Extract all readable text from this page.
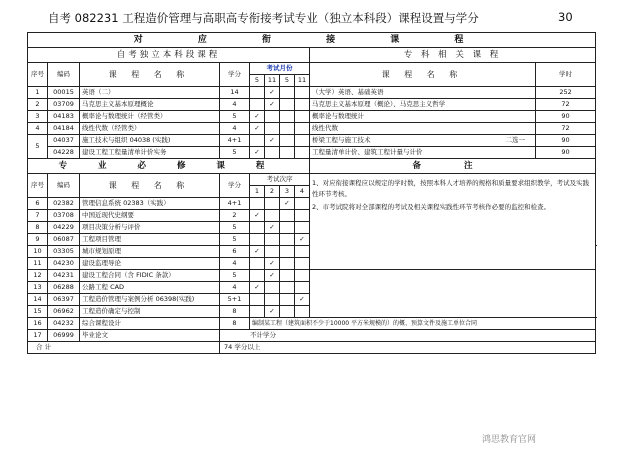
自考 082231 工程造价管理与高职高专衔接考试专业（独立本科段）课程设置与学分	30
对 应 衔 接 课 程										
自考独立本科段课程								专 科 相 关 课 程		
序号	编码	课 程 名 称	学分	考试月份				课 程 名 称	学时	
				5	11	5	11			
1	00015	英语（二）	14		✓			（大学）英语、基础英语	252	
2	03709	马克思主义基本原理概论	4		✓			马克思主义基本原理（概论）、马克思主义哲学	72	
3	04183	概率论与数理统计（经管类）	5	✓				概率论与数理统计	90	
4	04184	线性代数（经管类）	4	✓				线性代数	72	
5	04037	施工技术与组织 04038 (实践)	4+1		✓			桥梁工程与施工技术 二选一	90	
	04228	建设工程工程量清单计价实务	5	✓				工程量清单计价、建筑工程计量与计价	90	
专 业 必 修 课 程								备 注		
序号	编码	课 程 名 称	学分	考试次序				1、对应衔接课程应以规定的学时数，按照本科人才培养的规格和质量要求组织教学，考试及实践性环节考核。
2、市考试院将对全部课程的考试及相关课程实践性环节考核作必要的监控和检查。		

				1	2	3	4			
6	02382	管理信息系统 02383（实践）	4+1			✓				
7	03708	中国近现代史纲要	2	✓						
8	04229	项目决策分析与评价	5		✓					
9	06087	工程项目管理	5				✓			
10	03305	城市规划原理	6	✓				
11	04230	建设监理导论	4		✓					
12	04231	建设工程合同（含 FIDIC 条款）	5		✓					
13	06288	公路工程 CAD	4	✓						
14	06397	工程造价管理与案例分析 06398(实践)	5+1				✓			
15	06962	工程造价确定与控制	8		✓					
16	04232	综合课程设计	8	编制某工程（建筑面积不少于10000 平方米规模的）的概、预算文件及施工单位合同						
17	06999	毕业论文	不计学分							
合 计			74 学分以上							
鸿思教育官网
